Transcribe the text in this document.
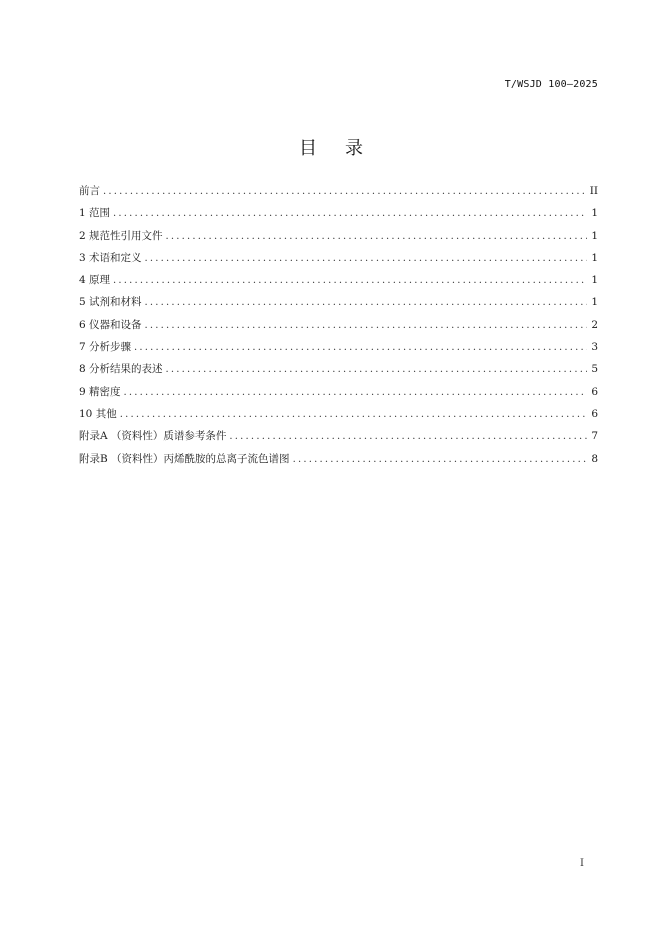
T/WSJD 100—2025
目录
前言 .....	II
1 范围 .....	1
2 规范性引用文件 .....	1
3 术语和定义 .....	1
4 原理 .....	1
5 试剂和材料 .....	1
6 仪器和设备 .....	2
7 分析步骤 .....	3
8 分析结果的表述 .....	5
9 精密度 .....	6
10 其他 .....	6
附录A （资料性）质谱参考条件 .....	7
附录B （资料性）丙烯酰胺的总离子流色谱图 .....	8
I
